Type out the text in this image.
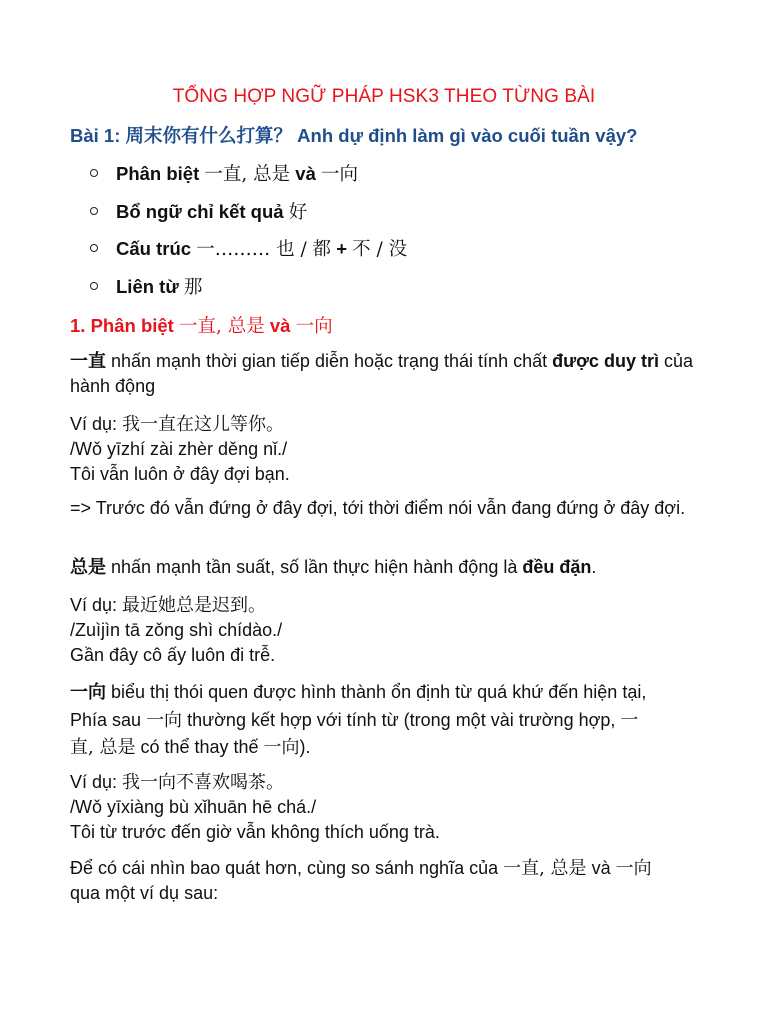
TỔNG HỢP NGỮ PHÁP HSK3 THEO TỪNG BÀI
Bài 1: 周末你有什么打算？ Anh dự định làm gì vào cuối tuần vậy?
Phân biệt 一直, 总是 và 一向
Bổ ngữ chỉ kết quả 好
Cấu trúc 一……… 也 / 都 + 不 / 没
Liên từ 那
1. Phân biệt 一直, 总是 và 一向
一直 nhấn mạnh thời gian tiếp diễn hoặc trạng thái tính chất được duy trì của hành động
Ví dụ: 我一直在这儿等你。
/Wǒ yīzhí zài zhèr děng nǐ./
Tôi vẫn luôn ở đây đợi bạn.
=> Trước đó vẫn đứng ở đây đợi, tới thời điểm nói vẫn đang đứng ở đây đợi.
总是 nhấn mạnh tần suất, số lần thực hiện hành động là đều đặn.
Ví dụ: 最近她总是迟到。
/Zuìjìn tā zǒng shì chídào./
Gần đây cô ấy luôn đi trễ.
一向 biểu thị thói quen được hình thành ổn định từ quá khứ đến hiện tại,
Phía sau 一向 thường kết hợp với tính từ (trong một vài trường hợp, 一
直, 总是 có thể thay thế 一向).
Ví dụ: 我一向不喜欢喝茶。
/Wǒ yīxiàng bù xǐhuān hē chá./
Tôi từ trước đến giờ vẫn không thích uống trà.
Để có cái nhìn bao quát hơn, cùng so sánh nghĩa của 一直, 总是 và 一向
qua một ví dụ sau:
